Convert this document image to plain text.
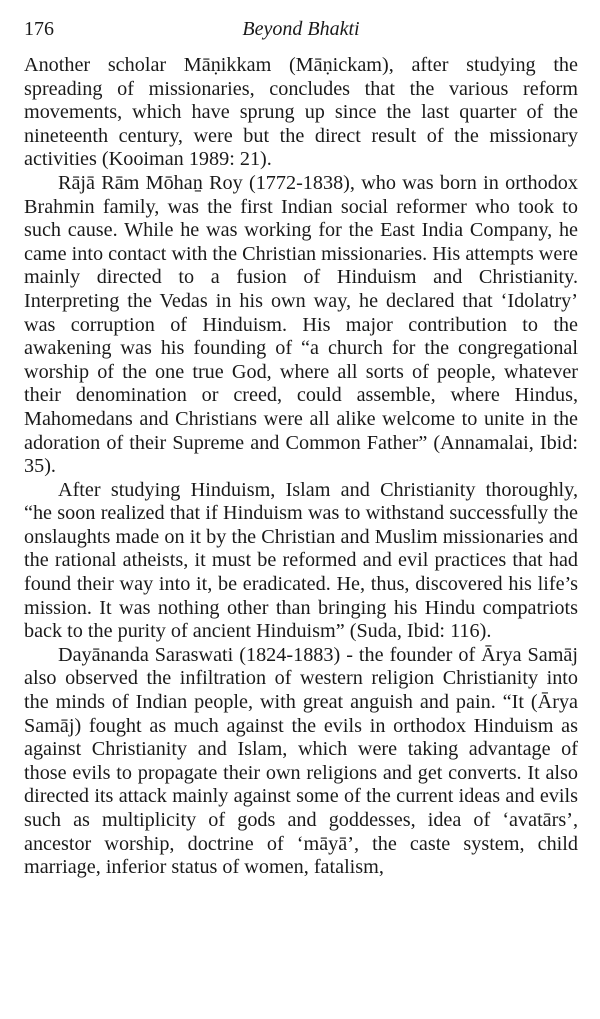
176	Beyond Bhakti

Another scholar Māṇikkam (Māṇickam), after studying the spreading of missionaries, concludes that the various reform movements, which have sprung up since the last quarter of the nineteenth century, were but the direct result of the missionary activities (Kooiman 1989: 21).

Rājā Rām Mōhaṉ Roy (1772-1838), who was born in orthodox Brahmin family, was the first Indian social reformer who took to such cause. While he was working for the East India Company, he came into contact with the Christian missionaries. His attempts were mainly directed to a fusion of Hinduism and Christianity. Interpreting the Vedas in his own way, he declared that ‘Idolatry’ was corruption of Hinduism. His major contribution to the awakening was his founding of “a church for the congregational worship of the one true God, where all sorts of people, whatever their denomination or creed, could assemble, where Hindus, Mahomedans and Christians were all alike welcome to unite in the adoration of their Supreme and Common Father” (Annamalai, Ibid: 35).

After studying Hinduism, Islam and Christianity thoroughly, “he soon realized that if Hinduism was to withstand successfully the onslaughts made on it by the Christian and Muslim missionaries and the rational atheists, it must be reformed and evil practices that had found their way into it, be eradicated. He, thus, discovered his life’s mission. It was nothing other than bringing his Hindu compatriots back to the purity of ancient Hinduism” (Suda, Ibid: 116).

Dayānanda Saraswati (1824-1883) - the founder of Ārya Samāj also observed the infiltration of western religion Christianity into the minds of Indian people, with great anguish and pain. “It (Ārya Samāj) fought as much against the evils in orthodox Hinduism as against Christianity and Islam, which were taking advantage of those evils to propagate their own religions and get converts. It also directed its attack mainly against some of the current ideas and evils such as multiplicity of gods and goddesses, idea of ‘avatārs’, ancestor worship, doctrine of ‘māyā’, the caste system, child marriage, inferior status of women, fatalism,
